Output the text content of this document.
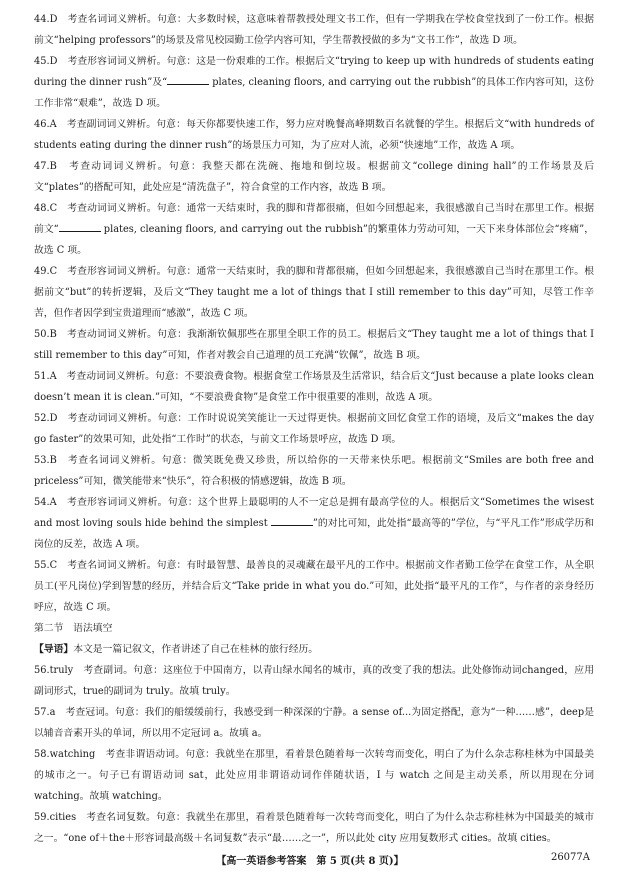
44.D　 考查名词词义辨析。句意：大多数时候，这意味着帮教授处理文书工作，但有一学期我在学校食堂找到了一份工作。根据前文“helping professors”的场景及常见校园勤工俭学内容可知，学生帮教授做的多为“文书工作”，故选 D 项。
45.D　 考查形容词词义辨析。句意：这是一份艰难的工作。根据后文“trying to keep up with hundreds of students eating during the dinner rush”及“	plates, cleaning floors, and carrying out the rubbish”的具体工作内容可知，这份工作非常“艰难”，故选 D 项。
46.A　 考查副词词义辨析。句意：每天你都要快速工作，努力应对晚餐高峰期数百名就餐的学生。根据后文“with hundreds of students eating during the dinner rush”的场景压力可知，为了应对人流，必须“快速地”工作，故选 A 项。
47.B　 考查动词词义辨析。句意：我整天都在洗碗、拖地和倒垃圾。根据前文“college dining hall”的工作场景及后文“plates”的搭配可知，此处应是“清洗盘子”，符合食堂的工作内容，故选 B 项。
48.C　 考查动词词义辨析。句意：通常一天结束时，我的脚和背都很痛，但如今回想起来，我很感激自己当时在那里工作。根据前文“	plates, cleaning floors, and carrying out the rubbish”的繁重体力劳动可知，一天下来身体部位会“疼痛”，故选 C 项。
49.C　 考查形容词词义辨析。句意：通常一天结束时，我的脚和背都很痛，但如今回想起来，我很感激自己当时在那里工作。根据前文“but”的转折逻辑，及后文“They taught me a lot of things that I still remember to this day”可知，尽管工作辛苦，但作者因学到宝贵道理而“感激”，故选 C 项。
50.B　 考查动词词义辨析。句意：我渐渐钦佩那些在那里全职工作的员工。根据后文“They taught me a lot of things that I still remember to this day”可知，作者对教会自己道理的员工充满“钦佩”，故选 B 项。
51.A　 考查动词词义辨析。句意：不要浪费食物。根据食堂工作场景及生活常识，结合后文“Just because a plate looks clean doesn’t mean it is clean.”可知，“不要浪费食物”是食堂工作中很重要的准则，故选 A 项。
52.D　 考查动词词义辨析。句意：工作时说说笑笑能让一天过得更快。根据前文回忆食堂工作的语境，及后文“makes the day go faster”的效果可知，此处指“工作时”的状态，与前文工作场景呼应，故选 D 项。
53.B　 考查名词词义辨析。句意：微笑既免费又珍贵，所以给你的一天带来快乐吧。根据前文“Smiles are both free and priceless”可知，微笑能带来“快乐”，符合积极的情感逻辑，故选 B 项。
54.A　 考查形容词词义辨析。句意：这个世界上最聪明的人不一定总是拥有最高学位的人。根据后文“Sometimes the wisest and most loving souls hide behind the simplest	”的对比可知，此处指“最高等的”学位，与“平凡工作”形成学历和岗位的反差，故选 A 项。
55.C　 考查名词词义辨析。句意：有时最智慧、最善良的灵魂藏在最平凡的工作中。根据前文作者勤工俭学在食堂工作，从全职员工(平凡岗位)学到智慧的经历，并结合后文“Take pride in what you do.”可知，此处指“最平凡的工作”，与作者的亲身经历呼应，故选 C 项。
第二节　语法填空
【导语】本文是一篇记叙文，作者讲述了自己在桂林的旅行经历。
56.truly　 考查副词。句意：这座位于中国南方，以青山绿水闻名的城市，真的改变了我的想法。此处修饰动词changed，应用副词形式，true的副词为 truly。故填 truly。
57.a　 考查冠词。句意：我们的船缓缓前行，我感受到一种深深的宁静。a sense of...为固定搭配，意为“一种……感”，deep是以辅音音素开头的单词，所以用不定冠词 a。故填 a。
58.watching　 考查非谓语动词。句意：我就坐在那里，看着景色随着每一次转弯而变化，明白了为什么杂志称桂林为中国最美的城市之一。句子已有谓语动词 sat，此处应用非谓语动词作伴随状语，I 与 watch 之间是主动关系，所以用现在分词 watching。故填 watching。
59.cities　 考查名词复数。句意：我就坐在那里，看着景色随着每一次转弯而变化，明白了为什么杂志称桂林为中国最美的城市之一。“one of＋the＋形容词最高级＋名词复数”表示“最……之一”，所以此处 city 应用复数形式 cities。故填 cities。
【高一英语参考答案　第 5 页(共 8 页)】	26077A
